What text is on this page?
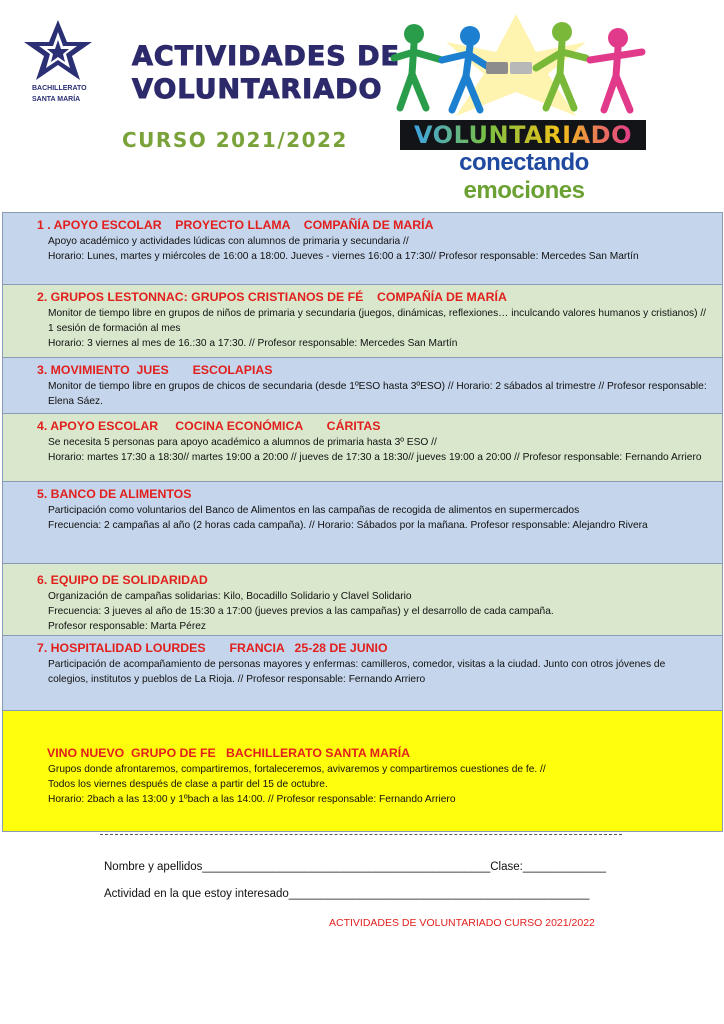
BACHILLERATO
SANTA MARÍA
ACTIVIDADES DE
VOLUNTARIADO
CURSO 2021/2022	VOLUNTARIADO
conectando emociones
1 . APOYO ESCOLAR    PROYECTO LLAMA    COMPAÑÍA DE MARÍA

Apoyo académico y actividades lúdicas con alumnos de primaria y secundaria //

Horario: Lunes, martes y miércoles de 16:00 a 18:00. Jueves - viernes 16:00 a 17:30// Profesor responsable: Mercedes San Martín

2. GRUPOS LESTONNAC: GRUPOS CRISTIANOS DE FÉ    COMPAÑÍA DE MARÍA

Monitor de tiempo libre en grupos de niños de primaria y secundaria (juegos, dinámicas, reflexiones… inculcando valores humanos y cristianos) // 1 sesión de formación al mes

Horario: 3 viernes al mes de 16.:30 a 17:30. // Profesor responsable: Mercedes San Martín

3. MOVIMIENTO  JUES       ESCOLAPIAS

Monitor de tiempo libre en grupos de chicos de secundaria (desde 1ºESO hasta 3ºESO) // Horario: 2 sábados al trimestre // Profesor responsable: Elena Sáez.

4. APOYO ESCOLAR     COCINA ECONÓMICA       CÁRITAS

Se necesita 5 personas para apoyo académico a alumnos de primaria hasta 3º ESO //

Horario: martes 17:30 a 18:30// martes 19:00 a 20:00 // jueves de 17:30 a 18:30// jueves 19:00 a 20:00 // Profesor responsable: Fernando Arriero

5. BANCO DE ALIMENTOS

Participación como voluntarios del Banco de Alimentos en las campañas de recogida de alimentos en supermercados

Frecuencia: 2 campañas al año (2 horas cada campaña). // Horario: Sábados por la mañana. Profesor responsable: Alejandro Rivera

6. EQUIPO DE SOLIDARIDAD

Organización de campañas solidarias: Kilo, Bocadillo Solidario y Clavel Solidario

Frecuencia: 3 jueves al año de 15:30 a 17:00 (jueves previos a las campañas) y el desarrollo de cada campaña.

Profesor responsable: Marta Pérez

7. HOSPITALIDAD LOURDES       FRANCIA   25-28 DE JUNIO

Participación de acompañamiento de personas mayores y enfermas: camilleros, comedor, visitas a la ciudad. Junto con otros jóvenes de colegios, institutos y pueblos de La Rioja. // Profesor responsable: Fernando Arriero

VINO NUEVO  GRUPO DE FE   BACHILLERATO SANTA MARÍA

Grupos donde afrontaremos, compartiremos, fortaleceremos, avivaremos y compartiremos cuestiones de fe. //

Todos los viernes después de clase a partir del 15 de octubre.

Horario: 2bach a las 13:00 y 1ºbach a las 14:00. // Profesor responsable: Fernando Arriero

Nombre y apellidos_____________________________________________Clase:_____________
Actividad en la que estoy interesado_______________________________________________
ACTIVIDADES DE VOLUNTARIADO CURSO 2021/2022
